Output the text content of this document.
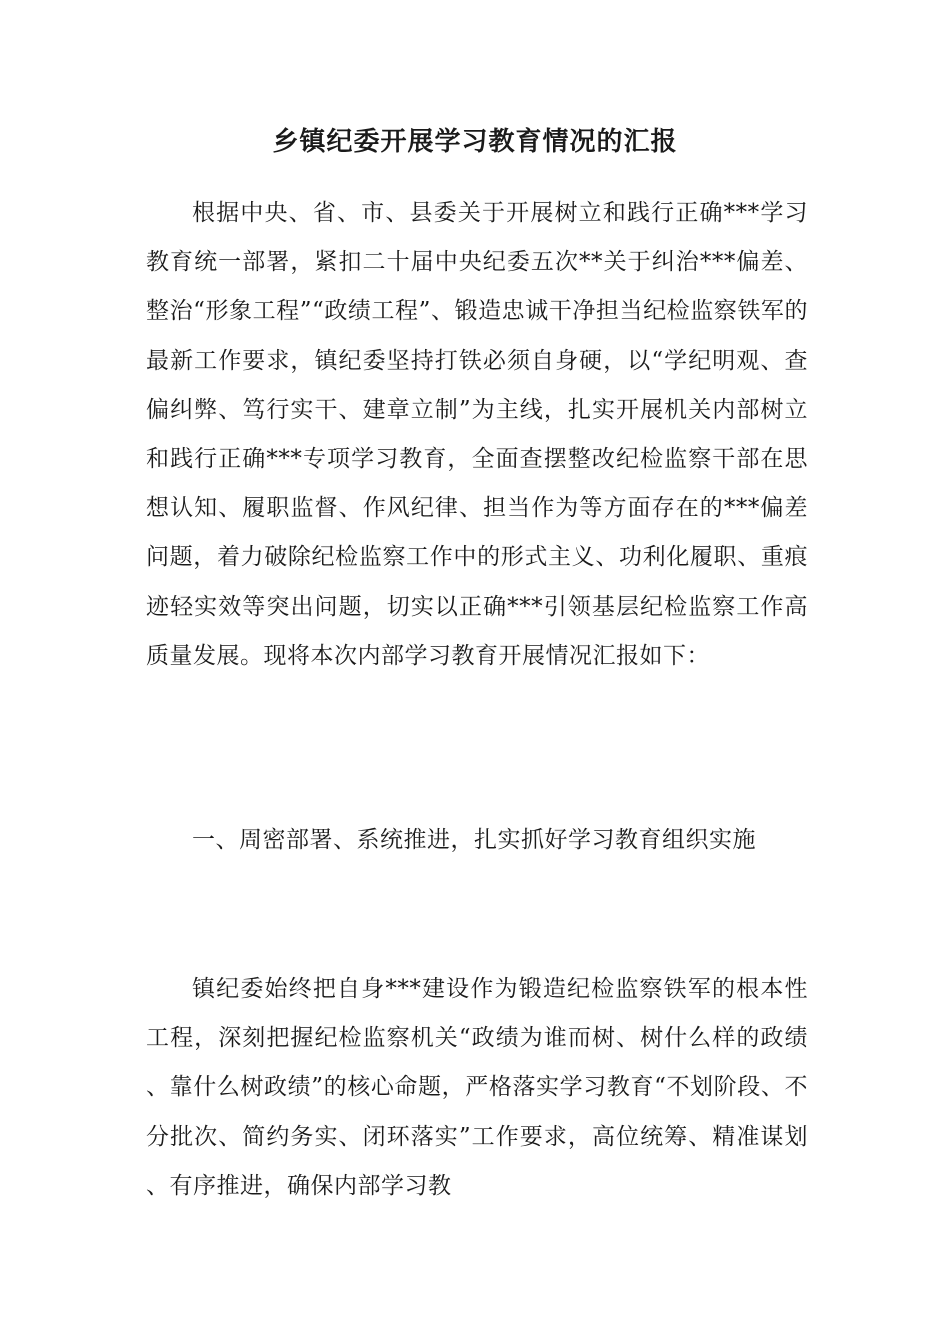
乡镇纪委开展学习教育情况的汇报

根据中央、省、市、县委关于开展树立和践行正确***学习教育统一部署，紧扣二十届中央纪委五次**关于纠治***偏差、整治“形象工程”“政绩工程”、锻造忠诚干净担当纪检监察铁军的最新工作要求，镇纪委坚持打铁必须自身硬，以“学纪明观、查偏纠弊、笃行实干、建章立制”为主线，扎实开展机关内部树立和践行正确***专项学习教育，全面查摆整改纪检监察干部在思想认知、履职监督、作风纪律、担当作为等方面存在的***偏差问题，着力破除纪检监察工作中的形式主义、功利化履职、重痕迹轻实效等突出问题，切实以正确***引领基层纪检监察工作高质量发展。现将本次内部学习教育开展情况汇报如下：

一、周密部署、系统推进，扎实抓好学习教育组织实施

镇纪委始终把自身***建设作为锻造纪检监察铁军的根本性工程，深刻把握纪检监察机关“政绩为谁而树、树什么样的政绩、靠什么树政绩”的核心命题，严格落实学习教育“不划阶段、不分批次、简约务实、闭环落实”工作要求，高位统筹、精准谋划、有序推进，确保内部学习教
